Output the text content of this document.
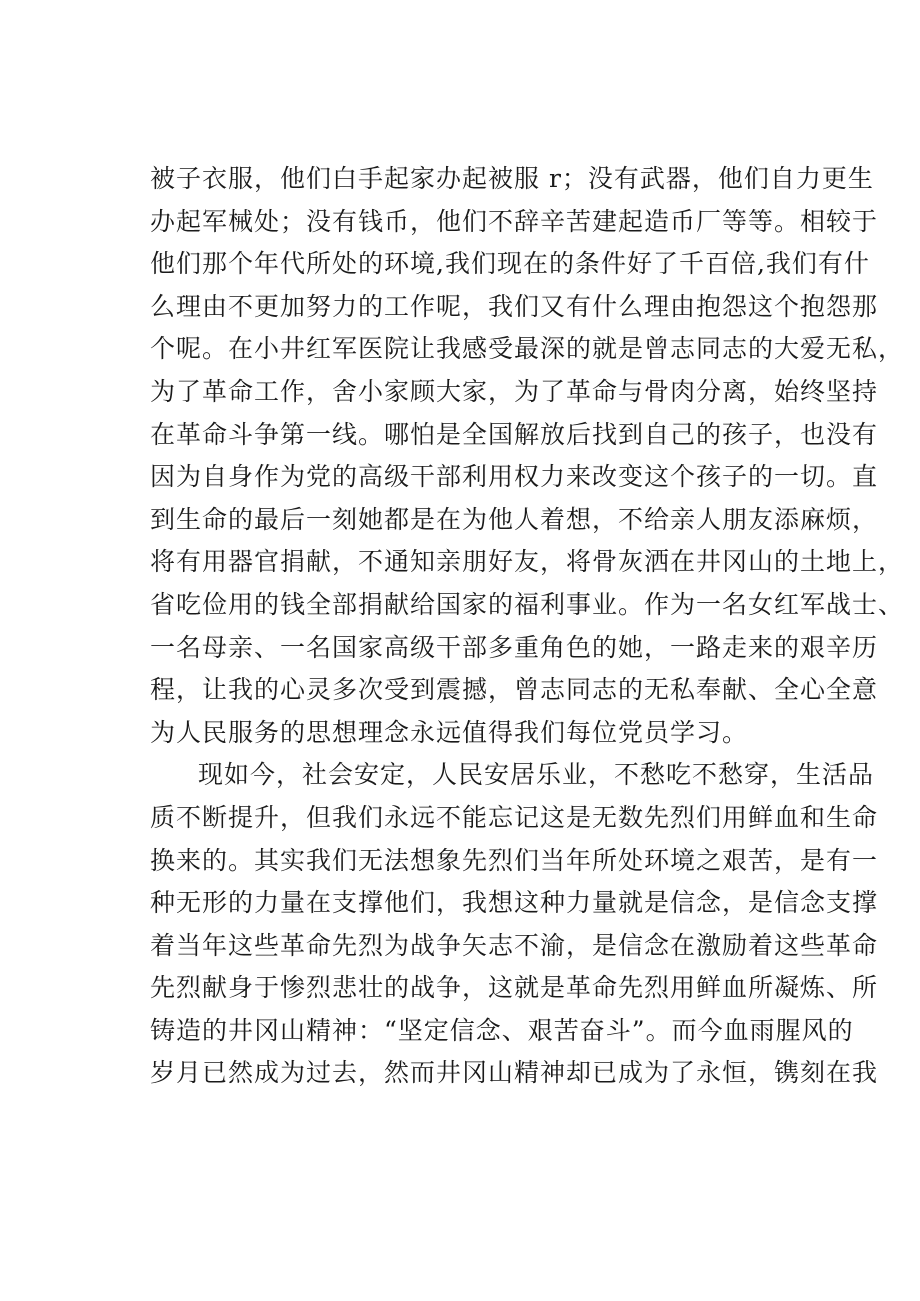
被子衣服，他们白手起家办起被服 r；没有武器，他们自力更生
办起军械处；没有钱币，他们不辞辛苦建起造币厂等等。相较于
他们那个年代所处的环境,我们现在的条件好了千百倍,我们有什
么理由不更加努力的工作呢，我们又有什么理由抱怨这个抱怨那
个呢。在小井红军医院让我感受最深的就是曾志同志的大爱无私，
为了革命工作，舍小家顾大家，为了革命与骨肉分离，始终坚持
在革命斗争第一线。哪怕是全国解放后找到自己的孩子，也没有
因为自身作为党的高级干部利用权力来改变这个孩子的一切。直
到生命的最后一刻她都是在为他人着想，不给亲人朋友添麻烦，
将有用器官捐献，不通知亲朋好友，将骨灰洒在井冈山的土地上，
省吃俭用的钱全部捐献给国家的福利事业。作为一名女红军战士、
一名母亲、一名国家高级干部多重角色的她，一路走来的艰辛历
程，让我的心灵多次受到震撼，曾志同志的无私奉献、全心全意
为人民服务的思想理念永远值得我们每位党员学习。
现如今，社会安定，人民安居乐业，不愁吃不愁穿，生活品
质不断提升，但我们永远不能忘记这是无数先烈们用鲜血和生命
换来的。其实我们无法想象先烈们当年所处环境之艰苦，是有一
种无形的力量在支撑他们，我想这种力量就是信念，是信念支撑
着当年这些革命先烈为战争矢志不渝，是信念在激励着这些革命
先烈献身于惨烈悲壮的战争，这就是革命先烈用鲜血所凝炼、所
铸造的井冈山精神：“坚定信念、艰苦奋斗”。而今血雨腥风的
岁月已然成为过去，然而井冈山精神却已成为了永恒，镌刻在我
